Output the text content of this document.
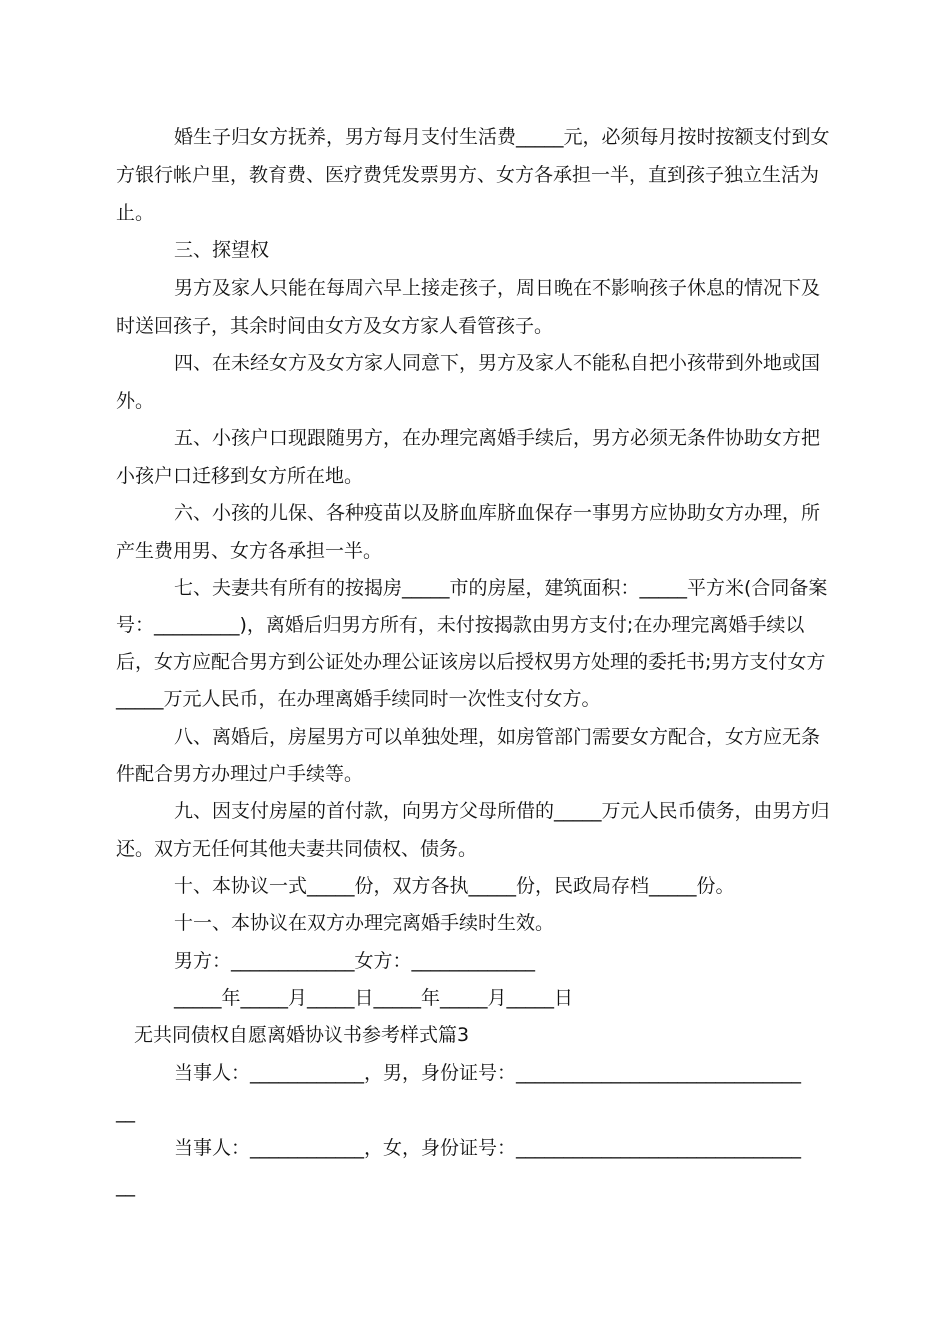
婚生子归女方抚养，男方每月支付生活费_____元，必须每月按时按额支付到女
方银行帐户里，教育费、医疗费凭发票男方、女方各承担一半，直到孩子独立生活为
止。
三、探望权
男方及家人只能在每周六早上接走孩子，周日晚在不影响孩子休息的情况下及
时送回孩子，其余时间由女方及女方家人看管孩子。
四、在未经女方及女方家人同意下，男方及家人不能私自把小孩带到外地或国
外。
五、小孩户口现跟随男方，在办理完离婚手续后，男方必须无条件协助女方把
小孩户口迁移到女方所在地。
六、小孩的儿保、各种疫苗以及脐血库脐血保存一事男方应协助女方办理，所
产生费用男、女方各承担一半。
七、夫妻共有所有的按揭房_____市的房屋，建筑面积：_____平方米(合同备案
号：_________)，离婚后归男方所有，未付按揭款由男方支付;在办理完离婚手续以
后，女方应配合男方到公证处办理公证该房以后授权男方处理的委托书;男方支付女方
_____万元人民币，在办理离婚手续同时一次性支付女方。
八、离婚后，房屋男方可以单独处理，如房管部门需要女方配合，女方应无条
件配合男方办理过户手续等。
九、因支付房屋的首付款，向男方父母所借的_____万元人民币债务，由男方归
还。双方无任何其他夫妻共同债权、债务。
十、本协议一式_____份，双方各执_____份，民政局存档_____份。
十一、本协议在双方办理完离婚手续时生效。
男方：_____________女方：_____________
_____年_____月_____日_____年_____月_____日
无共同债权自愿离婚协议书参考样式篇3
当事人：____________，男，身份证号：______________________________
__
当事人：____________，女，身份证号：______________________________
__
